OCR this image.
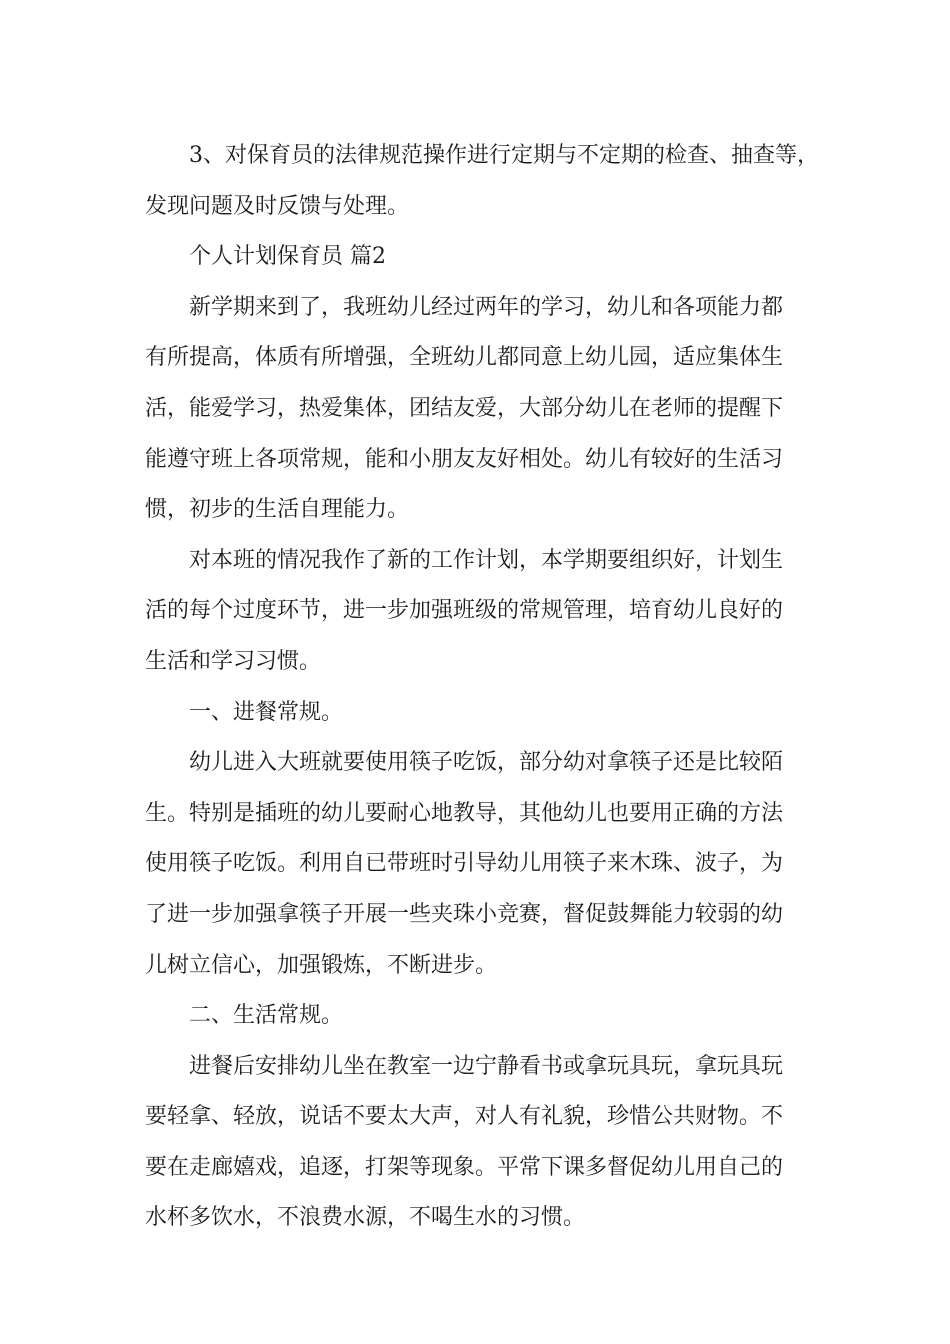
3、对保育员的法律规范操作进行定期与不定期的检查、抽查等，
发现问题及时反馈与处理。
个人计划保育员 篇2
新学期来到了，我班幼儿经过两年的学习，幼儿和各项能力都
有所提高，体质有所增强，全班幼儿都同意上幼儿园，适应集体生
活，能爱学习，热爱集体，团结友爱，大部分幼儿在老师的提醒下
能遵守班上各项常规，能和小朋友友好相处。幼儿有较好的生活习
惯，初步的生活自理能力。
对本班的情况我作了新的工作计划，本学期要组织好，计划生
活的每个过度环节，进一步加强班级的常规管理，培育幼儿良好的
生活和学习习惯。
一、进餐常规。
幼儿进入大班就要使用筷子吃饭，部分幼对拿筷子还是比较陌
生。特别是插班的幼儿要耐心地教导，其他幼儿也要用正确的方法
使用筷子吃饭。利用自已带班时引导幼儿用筷子来木珠、波子，为
了进一步加强拿筷子开展一些夹珠小竞赛，督促鼓舞能力较弱的幼
儿树立信心，加强锻炼，不断进步。
二、生活常规。
进餐后安排幼儿坐在教室一边宁静看书或拿玩具玩，拿玩具玩
要轻拿、轻放，说话不要太大声，对人有礼貌，珍惜公共财物。不
要在走廊嬉戏，追逐，打架等现象。平常下课多督促幼儿用自己的
水杯多饮水，不浪费水源，不喝生水的习惯。
